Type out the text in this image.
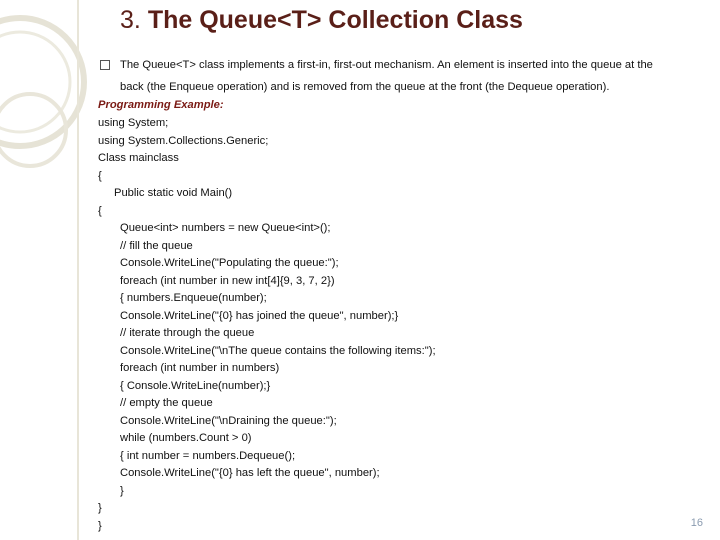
3. The Queue<T> Collection Class
The Queue<T> class implements a first-in, first-out mechanism. An element is inserted into the queue at the
back (the Enqueue operation) and is removed from the queue at the front (the Dequeue operation).
Programming Example:
using System;
using System.Collections.Generic;
Class mainclass
{
Public static void Main()
{
Queue<int> numbers = new Queue<int>();
// fill the queue
Console.WriteLine("Populating the queue:");
foreach (int number in new int[4]{9, 3, 7, 2})
{ numbers.Enqueue(number);
Console.WriteLine("{0} has joined the queue", number);}
// iterate through the queue
Console.WriteLine("\nThe queue contains the following items:");
foreach (int number in numbers)
{ Console.WriteLine(number);}
// empty the queue
Console.WriteLine("\nDraining the queue:");
while (numbers.Count > 0)
{ int number = numbers.Dequeue();
Console.WriteLine("{0} has left the queue", number);
}
}
}	16
